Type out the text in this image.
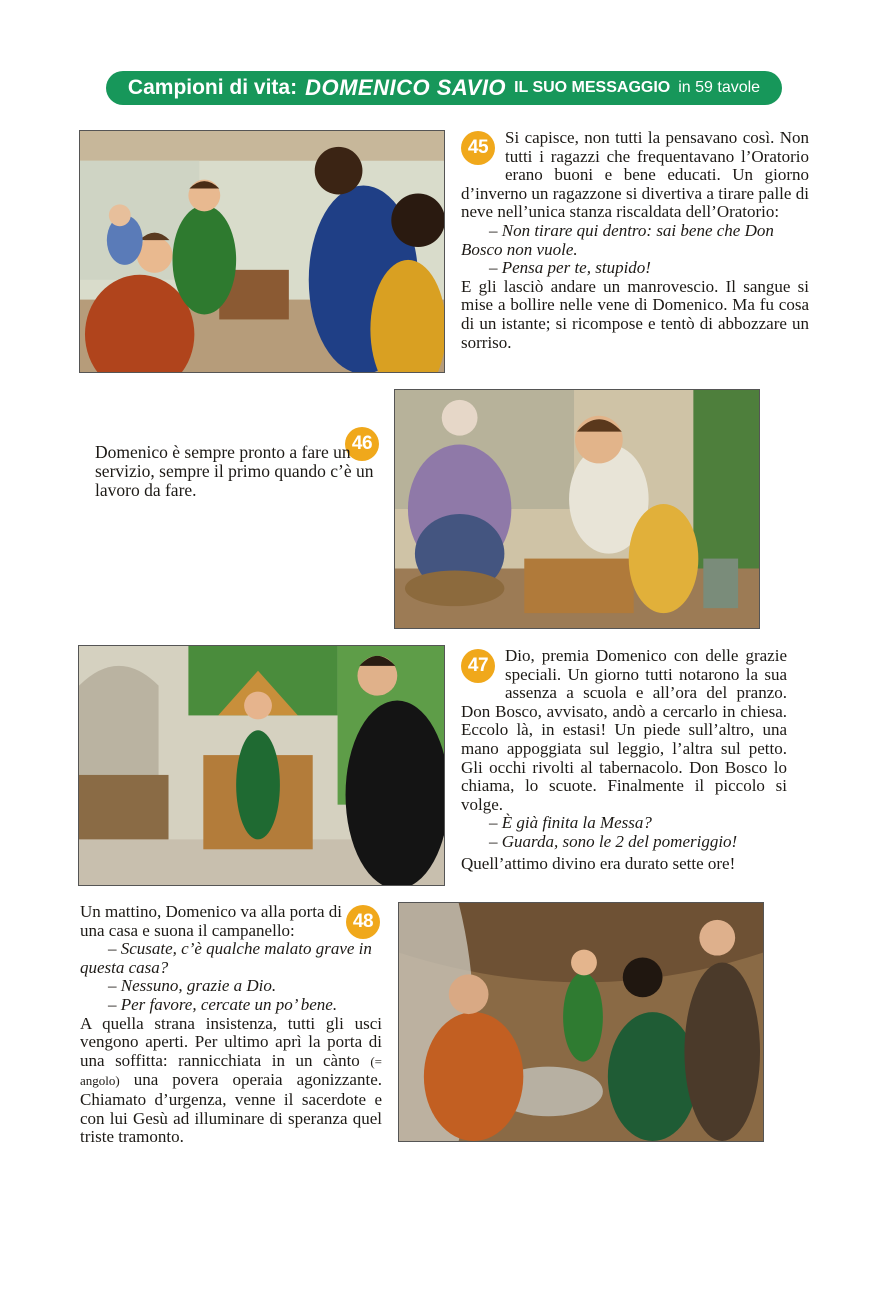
Campioni di vita: DOMENICO SAVIO IL SUO MESSAGGIO in 59 tavole
45 Si capisce, non tutti la pensavano così. Non tutti i ragazzi che frequentavano l’Oratorio erano buoni e bene educati. Un giorno d’inverno un ragazzone si divertiva a tirare palle di neve nell’unica stanza riscaldata dell’Oratorio:

– Non tirare qui dentro: sai bene che Don Bosco non vuole.

– Pensa per te, stupido!

E gli lasciò andare un manrovescio. Il sangue si mise a bollire nelle vene di Domenico. Ma fu cosa di un istante; si ricompose e tentò di abbozzare un sorriso.

46

Domenico è sempre pronto a fare un servizio, sempre il primo quando c’è un lavoro da fare.

47 Dio, premia Domenico con delle grazie speciali. Un giorno tutti notarono la sua assenza a scuola e all’ora del pranzo. Don Bosco, avvisato, andò a cercarlo in chiesa. Eccolo là, in estasi! Un piede sull’altro, una mano appoggiata sul leggio, l’altra sul petto. Gli occhi rivolti al tabernacolo. Don Bosco lo chiama, lo scuote. Finalmente il piccolo si volge.

– È già finita la Messa?

– Guarda, sono le 2 del pomeriggio!

Quell’attimo divino era durato sette ore!

48

Un mattino, Domenico va alla porta di una casa e suona il campanello:

– Scusate, c’è qualche malato grave in questa casa?

– Nessuno, grazie a Dio.

– Per favore, cercate un po’ bene.

A quella strana insistenza, tutti gli usci vengono aperti. Per ultimo aprì la porta di una soffitta: rannicchiata in un cànto (= angolo) una povera operaia agonizzante. Chiamato d’urgenza, venne il sacerdote e con lui Gesù ad illuminare di speranza quel triste tramonto.
